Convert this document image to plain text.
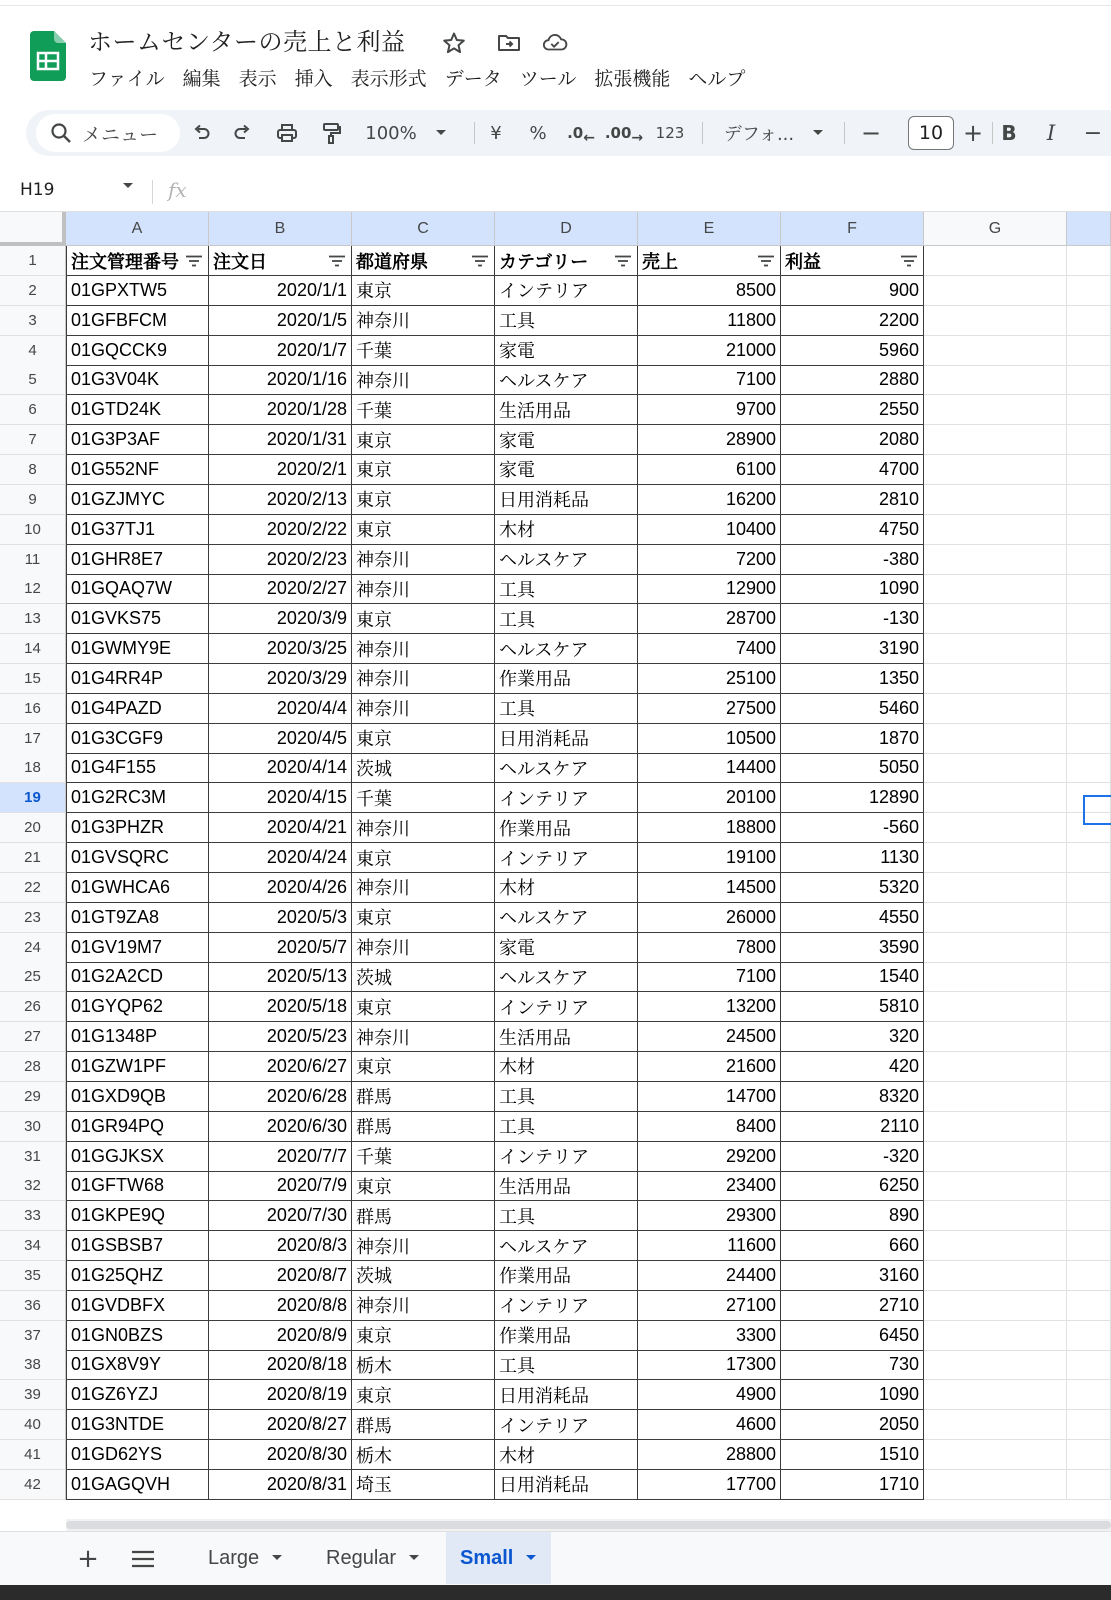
ホームセンターの売上と利益
ファイル 編集 表示 挿入 表示形式 データ ツール 拡張機能 ヘルプ
メニュー	100%	¥ % .0 ← .00 → 123 デフォ...	−	10 + B I −
H19	fx
A	B	C	D	E	F	G
1	注文管理番号 注文日	都道府県	カテゴリー	売上	利益
2	01GPXTW5	2020/1/1 東京	インテリア	8500	900
3	01GFBFCM	2020/1/5 神奈川	工具	11800	2200
4	01GQCCK9	2020/1/7 千葉	家電	21000	5960
5	01G3V04K	2020/1/16 神奈川	ヘルスケア	7100	2880
6	01GTD24K	2020/1/28 千葉	生活用品	9700	2550
7	01G3P3AF	2020/1/31 東京	家電	28900	2080
8	01G552NF	2020/2/1 東京	家電	6100	4700
9	01GZJMYC	2020/2/13 東京	日用消耗品	16200	2810
10	01G37TJ1	2020/2/22 東京	木材	10400	4750
11	01GHR8E7	2020/2/23 神奈川	ヘルスケア	7200	-380
12	01GQAQ7W	2020/2/27 神奈川	工具	12900	1090
13	01GVKS75	2020/3/9 東京	工具	28700	-130
14	01GWMY9E	2020/3/25 神奈川	ヘルスケア	7400	3190
15	01G4RR4P	2020/3/29 神奈川	作業用品	25100	1350
16	01G4PAZD	2020/4/4 神奈川	工具	27500	5460
17	01G3CGF9	2020/4/5 東京	日用消耗品	10500	1870
18	01G4F155	2020/4/14 茨城	ヘルスケア	14400	5050
19	01G2RC3M	2020/4/15 千葉	インテリア	20100	12890
20	01G3PHZR	2020/4/21 神奈川	作業用品	18800	-560
21	01GVSQRC	2020/4/24 東京	インテリア	19100	1130
22	01GWHCA6	2020/4/26 神奈川	木材	14500	5320
23	01GT9ZA8	2020/5/3 東京	ヘルスケア	26000	4550
24	01GV19M7	2020/5/7 神奈川	家電	7800	3590
25	01G2A2CD	2020/5/13 茨城	ヘルスケア	7100	1540
26	01GYQP62	2020/5/18 東京	インテリア	13200	5810
27	01G1348P	2020/5/23 神奈川	生活用品	24500	320
28	01GZW1PF	2020/6/27 東京	木材	21600	420
29	01GXD9QB	2020/6/28 群馬	工具	14700	8320
30	01GR94PQ	2020/6/30 群馬	工具	8400	2110
31	01GGJKSX	2020/7/7 千葉	インテリア	29200	-320
32	01GFTW68	2020/7/9 東京	生活用品	23400	6250
33	01GKPE9Q	2020/7/30 群馬	工具	29300	890
34	01GSBSB7	2020/8/3 神奈川	ヘルスケア	11600	660
35	01G25QHZ	2020/8/7 茨城	作業用品	24400	3160
36	01GVDBFX	2020/8/8 神奈川	インテリア	27100	2710
37	01GN0BZS	2020/8/9 東京	作業用品	3300	6450
38	01GX8V9Y	2020/8/18 栃木	工具	17300	730
39	01GZ6YZJ	2020/8/19 東京	日用消耗品	4900	1090
40	01G3NTDE	2020/8/27 群馬	インテリア	4600	2050
41	01GD62YS	2020/8/30 栃木	木材	28800	1510
42	01GAGQVH	2020/8/31 埼玉	日用消耗品	17700	1710
+	Large	Regular	Small
